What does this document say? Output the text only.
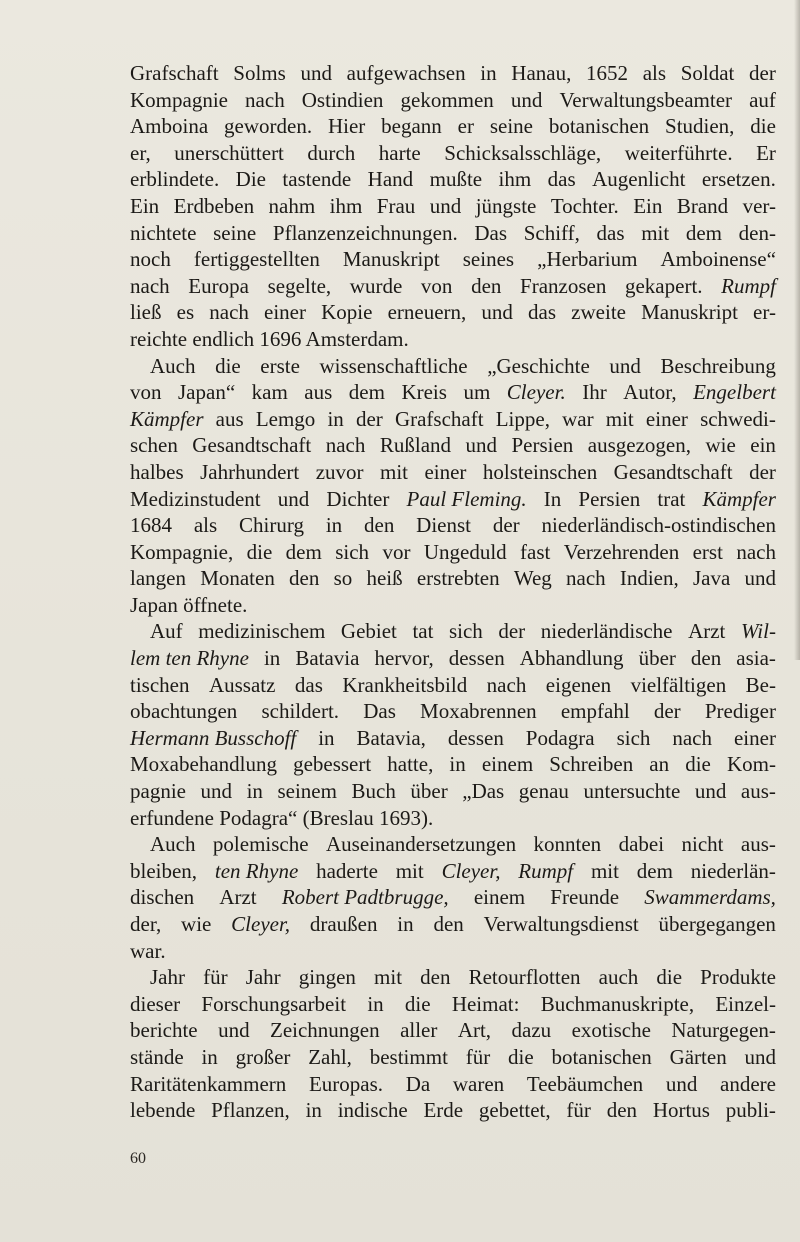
Grafschaft Solms und aufgewachsen in Hanau, 1652 als Soldat der
Kompagnie nach Ostindien gekommen und Verwaltungsbeamter auf
Amboina geworden. Hier begann er seine botanischen Studien, die
er, unerschüttert durch harte Schicksalsschläge, weiterführte. Er
erblindete. Die tastende Hand mußte ihm das Augenlicht ersetzen.
Ein Erdbeben nahm ihm Frau und jüngste Tochter. Ein Brand ver-
nichtete seine Pflanzenzeichnungen. Das Schiff, das mit dem den-
noch fertiggestellten Manuskript seines „Herbarium Amboinense“
nach Europa segelte, wurde von den Franzosen gekapert. Rumpf
ließ es nach einer Kopie erneuern, und das zweite Manuskript er-
reichte endlich 1696 Amsterdam.
Auch die erste wissenschaftliche „Geschichte und Beschreibung
von Japan“ kam aus dem Kreis um Cleyer. Ihr Autor, Engelbert
Kämpfer aus Lemgo in der Grafschaft Lippe, war mit einer schwedi-
schen Gesandtschaft nach Rußland und Persien ausgezogen, wie ein
halbes Jahrhundert zuvor mit einer holsteinschen Gesandtschaft der
Medizinstudent und Dichter Paul Fleming. In Persien trat Kämpfer
1684 als Chirurg in den Dienst der niederländisch-ostindischen
Kompagnie, die dem sich vor Ungeduld fast Verzehrenden erst nach
langen Monaten den so heiß erstrebten Weg nach Indien, Java und
Japan öffnete.
Auf medizinischem Gebiet tat sich der niederländische Arzt Wil-
lem ten Rhyne in Batavia hervor, dessen Abhandlung über den asia-
tischen Aussatz das Krankheitsbild nach eigenen vielfältigen Be-
obachtungen schildert. Das Moxabrennen empfahl der Prediger
Hermann Busschoff in Batavia, dessen Podagra sich nach einer
Moxabehandlung gebessert hatte, in einem Schreiben an die Kom-
pagnie und in seinem Buch über „Das genau untersuchte und aus-
erfundene Podagra“ (Breslau 1693).
Auch polemische Auseinandersetzungen konnten dabei nicht aus-
bleiben, ten Rhyne haderte mit Cleyer, Rumpf mit dem niederlän-
dischen Arzt Robert Padtbrugge, einem Freunde Swammerdams,
der, wie Cleyer, draußen in den Verwaltungsdienst übergegangen
war.
Jahr für Jahr gingen mit den Retourflotten auch die Produkte
dieser Forschungsarbeit in die Heimat: Buchmanuskripte, Einzel-
berichte und Zeichnungen aller Art, dazu exotische Naturgegen-
stände in großer Zahl, bestimmt für die botanischen Gärten und
Raritätenkammern Europas. Da waren Teebäumchen und andere
lebende Pflanzen, in indische Erde gebettet, für den Hortus publi-
60
